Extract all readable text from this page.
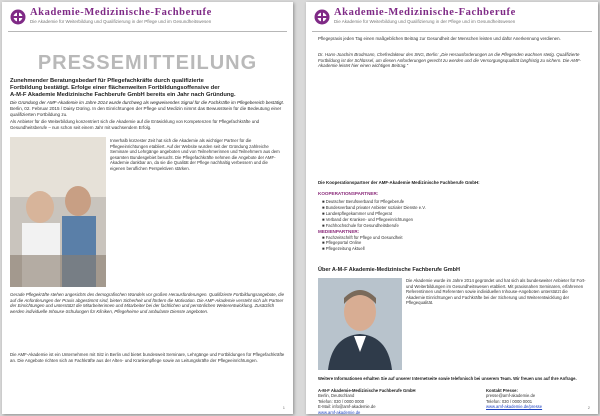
Akademie-Medizinische-Fachberufe
Die Akademie für Weiterbildung und Qualifizierung in der Pflege und im Gesundheitswesen
PRESSEMITTEILUNG
Zunehmender Beratungsbedarf für Pflegefachkräfte durch qualifizierte
Fortbildung bestätigt. Erfolge einer flächenweiten Fortbildungsoffensive der
A-M-F Akademie Medizinische Fachberufe GmbH bereits ein Jahr nach Gründung.
Die Gründung der AMF-Akademie im Jahre 2014 wurde durchweg als wegweisendes Signal für die Fachkräfte im Pflegebereich bestätigt.
Berlin, 02. Februar 2015 / Daisy Düring. In den Einrichtungen der Pflege und Medizin nimmt das Bewusstsein für die Bedeutung einer qualifizierten Fortbildung zu.
Als Anbieter für die Weiterbildung konzentriert sich die Akademie auf die Entwicklung von Kompetenzen für Pflegefachkräfte und Gesundheitsberufe – nun schon seit einem Jahr mit wachsendem Erfolg.
Innerhalb kürzester Zeit hat sich die Akademie als wichtiger Partner für die Pflegeeinrichtungen etabliert. Auf der Website wurden seit der Gründung zahlreiche Seminare und Lehrgänge angeboten und von Teilnehmerinnen und Teilnehmern aus dem gesamten Bundesgebiet besucht. Die Pflegefachkräfte nehmen die Angebote der AMF-Akademie dankbar an, da sie die Qualität der Pflege nachhaltig verbessern und die eigenen beruflichen Perspektiven stärken.
Gerade Pflegekräfte stehen angesichts des demografischen Wandels vor großen Herausforderungen. Qualifizierte Fortbildungsangebote, die auf die Anforderungen der Praxis abgestimmt sind, bieten Sicherheit und fördern die Motivation. Die AMF-Akademie versteht sich als Partner der Einrichtungen und unterstützt die Mitarbeiterinnen und Mitarbeiter bei der fachlichen und persönlichen Weiterentwicklung. Zusätzlich werden individuelle Inhouse-Schulungen für Kliniken, Pflegeheime und ambulante Dienste angeboten.
Die AMF-Akademie ist ein Unternehmen mit Sitz in Berlin und bietet bundesweit Seminare, Lehrgänge und Fortbildungen für Pflegefachkräfte an. Die Angebote richten sich an Fachkräfte aus der Alten- und Krankenpflege sowie an Leitungskräfte der Pflegeeinrichtungen.
1
Akademie-Medizinische-Fachberufe
Die Akademie für Weiterbildung und Qualifizierung in der Pflege und im Gesundheitswesen
Pflegepraxis jeden Tag einen maßgeblichen Beitrag zur Gesundheit der Menschen leisten und dafür Anerkennung verdienen.
Dr. Hans-Joachim Brodmann, Chefredakteur des SNG, Berlin: „Die Herausforderungen an die Pflegenden wachsen stetig. Qualifizierte Fortbildung ist der Schlüssel, um diesen Anforderungen gerecht zu werden und die Versorgungsqualität langfristig zu sichern. Die AMF-Akademie leistet hier einen wichtigen Beitrag.“
Die Kooperationspartner der AMF-Akademie Medizinische Fachberufe GmbH:
KOOPERATIONSPARTNER:
■ Deutscher Berufsverband für Pflegeberufe
■ Bundesverband privater Anbieter sozialer Dienste e.V.
■ Landespflegekammer und Pflegerat
■ Verband der Kranken- und Pflegeeinrichtungen
■ Fachhochschule für Gesundheitsberufe
MEDIENPARTNER:
■ Fachzeitschrift für Pflege und Gesundheit
■ Pflegeportal Online
■ Pflegezeitung Aktuell
Über A-M-F Akademie-Medizinische Fachberufe GmbH
Die Akademie wurde im Jahre 2014 gegründet und hat sich als bundesweiter Anbieter für Fort- und Weiterbildungen im Gesundheitswesen etabliert. Mit praxisnahen Seminaren, erfahrenen Referentinnen und Referenten sowie individuellen Inhouse-Angeboten unterstützt die Akademie Einrichtungen und Fachkräfte bei der Sicherung und Weiterentwicklung der Pflegequalität.
Weitere Informationen erhalten Sie auf unserer Internetseite sowie telefonisch bei unserem Team. Wir freuen uns auf Ihre Anfrage.
A-M-F Akademie-Medizinische Fachberufe GmbH
Berlin, Deutschland
Telefon: 030 / 0000 0000
E-Mail: info@amf-akademie.de
www.amf-akademie.de
Kontakt Presse:
presse@amf-akademie.de
Telefon: 030 / 0000 0001
www.amf-akademie.de/presse	2
